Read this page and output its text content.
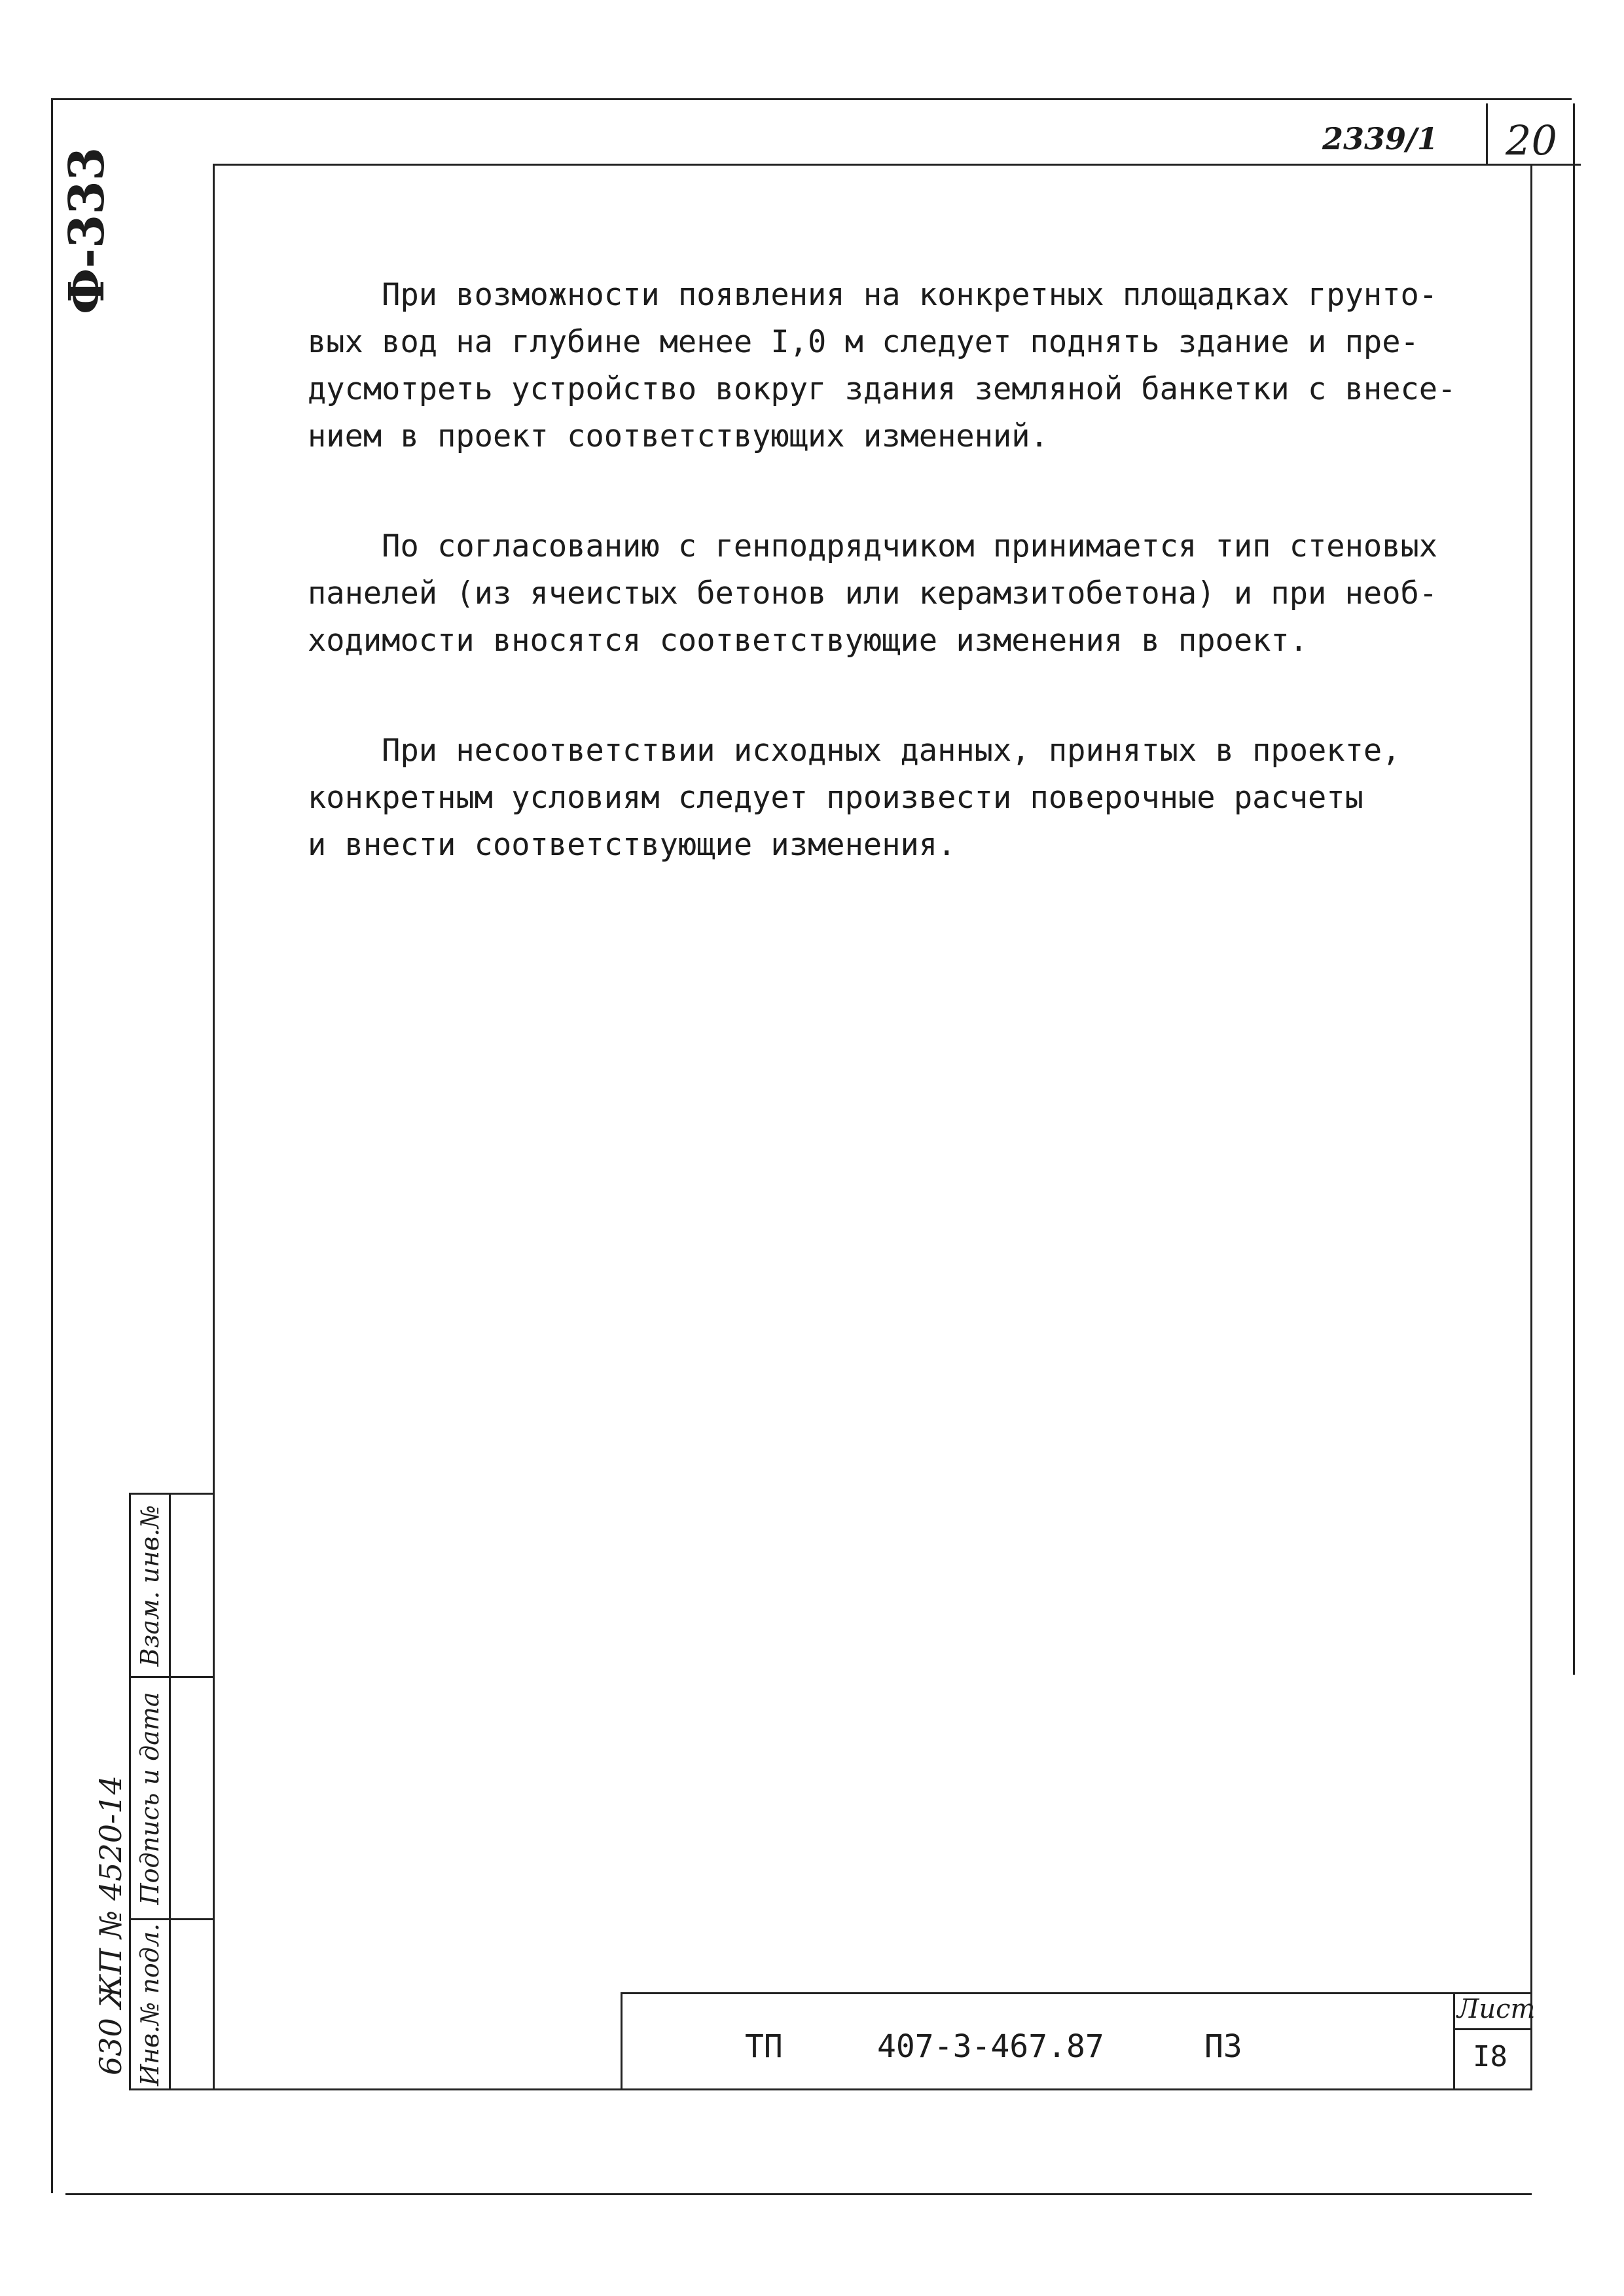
2339/1 20
Ф-333	При возможности появления на конкретных площадках грунто-
вых вод на глубине менее I,0 м следует поднять здание и пре-
дусмотреть устройство вокруг здания земляной банкетки с внесе-
нием в проект соответствующих изменений.

По согласованию с генподрядчиком принимается тип стеновых
панелей (из ячеистых бетонов или керамзитобетона) и при необ-
ходимости вносятся соответствующие изменения в проект.

При несоответствии исходных данных, принятых в проекте,
конкретным условиям следует произвести поверочные расчеты
и внести соответствующие изменения.

Взам. инв.№
Подпись и дата
Инв.№ подл.
630 ЖП № 4520-14	ТП	407-3-467.87	ПЗ
Лист
I8
